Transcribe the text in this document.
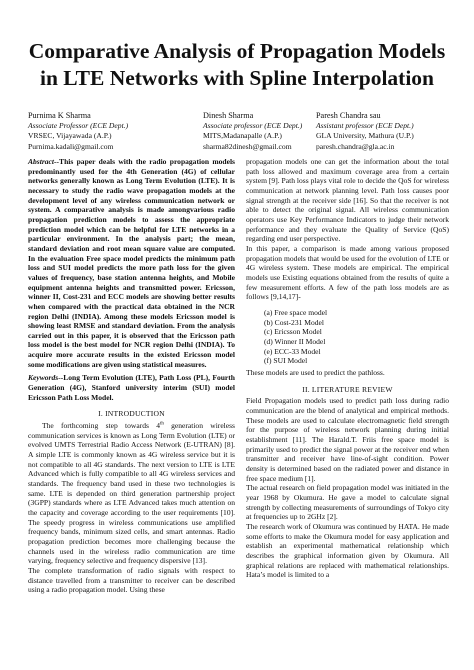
Comparative Analysis of Propagation Models in LTE Networks with Spline Interpolation
Purnima K Sharma
Associate Professor (ECE Dept.)
VRSEC, Vijayawada (A.P.)
Purnima.kadali@gmail.com
Dinesh Sharma
Associate professor (ECE Dept.)
MITS,Madanapalle (A.P.)
sharma82dinesh@gmail.com
Paresh Chandra sau
Assistant professor (ECE Dept.)
GLA University, Mathura (U.P.)
paresh.chandra@gla.ac.in

Abstract--This paper deals with the radio propagation models predominantly used for the 4th Generation (4G) of cellular networks generally known as Long Term Evolution (LTE). It is necessary to study the radio wave propagation models at the development level of any wireless communication network or system. A comparative analysis is made amongvarious radio propagation prediction models to assess the appropriate prediction model which can be helpful for LTE networks in a particular environment. In the analysis part; the mean, standard deviation and root mean square value are computed. In the evaluation Free space model predicts the minimum path loss and SUI model predicts the more path loss for the given values of frequency, base station antenna heights, and Mobile equipment antenna heights and transmitted power. Ericsson, winner II, Cost-231 and ECC models are showing better results when compared with the practical data obtained in the NCR region Delhi (INDIA). Among these models Ericsson model is showing least RMSE and standard deviation. From the analysis carried out in this paper, it is observed that the Ericsson path loss model is the best model for NCR region Delhi (INDIA). To acquire more accurate results in the existed Ericsson model some modifications are given using statistical measures.

Keywords--Long Term Evolution (LTE), Path Loss (PL), Fourth Generation (4G), Stanford university interim (SUI) model Ericsson Path Loss Model.

I. INTRODUCTION

The forthcoming step towards 4th generation wireless communication services is known as Long Term Evolution (LTE) or evolved UMTS Terrestrial Radio Access Network (E-UTRAN) [8]. A simple LTE is commonly known as 4G wireless service but it is not compatible to all 4G standards. The next version to LTE is LTE Advanced which is fully compatible to all 4G wireless services and standards. The frequency band used in these two technologies is same. LTE is depended on third generation partnership project (3GPP) standards where as LTE Advanced takes much attention on the capacity and coverage according to the user requirements [10]. The speedy progress in wireless communications use amplified frequency bands, minimum sized cells, and smart antennas. Radio propagation prediction becomes more challenging because the channels used in the wireless radio communication are time varying, frequency selective and frequency dispersive [13].

The complete transformation of radio signals with respect to distance travelled from a transmitter to receiver can be described using a radio propagation model. Using these

propagation models one can get the information about the total path loss allowed and maximum coverage area from a certain system [9]. Path loss plays vital role to decide the QoS for wireless communication at network planning level. Path loss causes poor signal strength at the receiver side [16]. So that the receiver is not able to detect the original signal. All wireless communication operators use Key Performance Indicators to judge their network performance and they evaluate the Quality of Service (QoS) regarding end user perspective.

In this paper, a comparison is made among various proposed propagation models that would be used for the evolution of LTE or 4G wireless system. These models are empirical. The empirical models use Existing equations obtained from the results of quite a few measurement efforts. A few of the path loss models are as follows [9,14,17]-

(a) Free space model
(b) Cost-231 Model
(c) Ericsson Model
(d) Winner II Model
(e) ECC-33 Model
(f) SUI Model

These models are used to predict the pathloss.

II. LITERATURE REVIEW

Field Propagation models used to predict path loss during radio communication are the blend of analytical and empirical methods. These models are used to calculate electromagnetic field strength for the purpose of wireless network planning during initial establishment [11]. The Harald.T. Friis free space model is primarily used to predict the signal power at the receiver end when transmitter and receiver have line-of-sight condition. Power density is determined based on the radiated power and distance in free space medium [1].

The actual research on field propagation model was initiated in the year 1968 by Okumura. He gave a model to calculate signal strength by collecting measurements of surroundings of Tokyo city at frequencies up to 2GHz [2].

The research work of Okumura was continued by HATA. He made some efforts to make the Okumura model for easy application and establish an experimental mathematical relationship which describes the graphical information given by Okumura. All graphical relations are replaced with mathematical relationships. Hata’s model is limited to a
